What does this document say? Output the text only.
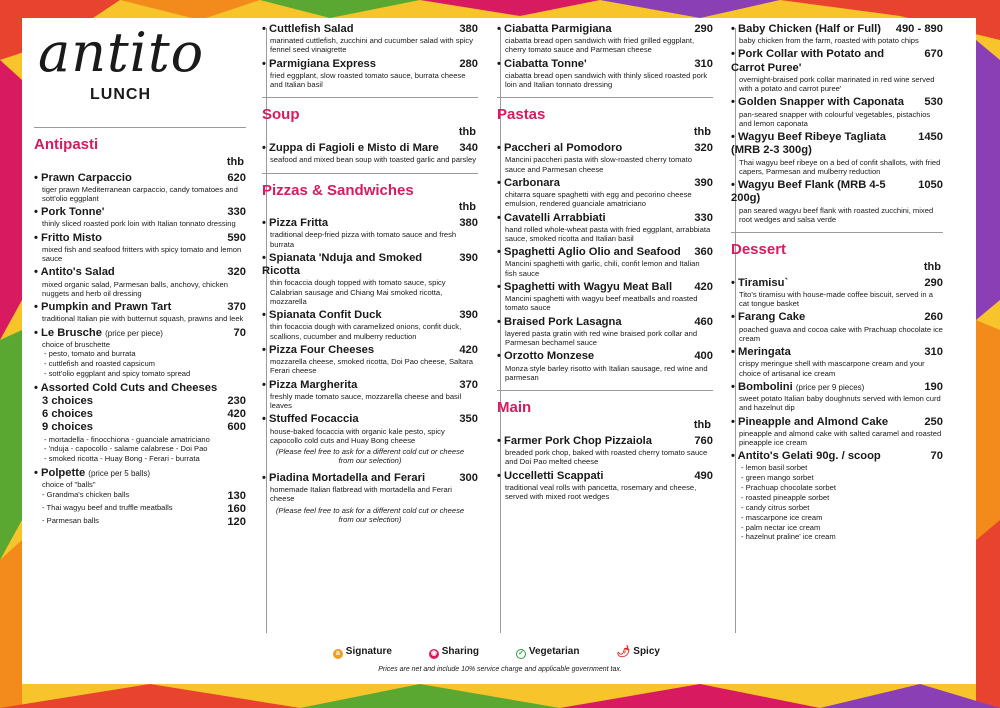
antito
LUNCH
Antipasti
thb
• Prawn Carpaccio	620
tiger prawn Mediterranean carpaccio, candy tomatoes and sott'olio eggplant
• Pork Tonne'	330
thinly sliced roasted pork loin with Italian tonnato dressing
• Fritto Misto	590
mixed fish and seafood fritters with spicy tomato and lemon sauce
• Antito's Salad	320
mixed organic salad, Parmesan balls, anchovy, chicken nuggets and herb oil dressing
• Pumpkin and Prawn Tart	370
traditional Italian pie with butternut squash, prawns and leek
• Le Brusche (price per piece)	70
choice of bruschette
- pesto, tomato and burrata
- cuttlefish and roasted capsicum
- sott'olio eggplant and spicy tomato spread
• Assorted Cold Cuts and Cheeses
3 choices	230
6 choices	420
9 choices	600
- mortadella - finocchiona - guanciale amatriciano
- 'nduja - capocollo - salame calabrese - Doi Pao
- smoked ricotta - Huay Bong - Ferari - burrata
• Polpette (price per 5 balls)
choice of "balls"
- Grandma's chicken balls	130
- Thai wagyu beef and truffle meatballs	160
- Parmesan balls	120
• Cuttlefish Salad	380
marinated cuttlefish, zucchini and cucumber salad with spicy fennel seed vinaigrette
• Parmigiana Express	280
fried eggplant, slow roasted tomato sauce, burrata cheese and Italian basil
Soup
thb
• Zuppa di Fagioli e Misto di Mare	340
seafood and mixed bean soup with toasted garlic and parsley
Pizzas & Sandwiches
thb
• Pizza Fritta	380
traditional deep-fried pizza with tomato sauce and fresh burrata
• Spianata 'Nduja and Smoked Ricotta
390
thin focaccia dough topped with tomato sauce, spicy Calabrian sausage and Chiang Mai smoked ricotta, mozzarella
• Spianata Confit Duck	390
thin focaccia dough with caramelized onions, confit duck, scallions, cucumber and mulberry reduction
• Pizza Four Cheeses	420
mozzarella cheese, smoked ricotta, Doi Pao cheese, Saltara Ferari cheese
• Pizza Margherita	370
freshly made tomato sauce, mozzarella cheese and basil leaves
• Stuffed Focaccia	350
house-baked focaccia with organic kale pesto, spicy capocollo cold cuts and Huay Bong cheese
(Please feel free to ask for a different cold cut or cheese from our selection)
• Piadina Mortadella and Ferari	300
homemade Italian flatbread with mortadella and Ferari cheese
(Please feel free to ask for a different cold cut or cheese from our selection)
• Ciabatta Parmigiana	290
ciabatta bread open sandwich with fried grilled eggplant, cherry tomato sauce and Parmesan cheese
• Ciabatta Tonne'	310
ciabatta bread open sandwich with thinly sliced roasted pork loin and Italian tonnato dressing
Pastas
thb
• Paccheri al Pomodoro	320
Mancini paccheri pasta with slow-roasted cherry tomato sauce and Parmesan cheese
• Carbonara	390
chitarra square spaghetti with egg and pecorino cheese emulsion, rendered guanciale amatriciano
• Cavatelli Arrabbiati	330
hand rolled whole-wheat pasta with fried eggplant, arrabbiata sauce, smoked ricotta and Italian basil
• Spaghetti Aglio Olio and Seafood	360
Mancini spaghetti with garlic, chili, confit lemon and Italian fish sauce
• Spaghetti with Wagyu Meat Ball	420
Mancini spaghetti with wagyu beef meatballs and roasted tomato sauce
• Braised Pork Lasagna	460
layered pasta gratin with red wine braised pork collar and Parmesan bechamel sauce
• Orzotto Monzese	400
Monza style barley risotto with Italian sausage, red wine and parmesan
Main
thb
• Farmer Pork Chop Pizzaiola	760
breaded pork chop, baked with roasted cherry tomato sauce and Doi Pao melted cheese
• Uccelletti Scappati	490
traditional veal rolls with pancetta, rosemary and cheese, served with mixed root wedges
• Baby Chicken (Half or Full)	490 - 890
baby chicken from the farm, roasted with potato chips
• Pork Collar with Potato and Carrot Puree'
670
overnight-braised pork collar marinated in red wine served with a potato and carrot puree'
• Golden Snapper with Caponata	530
pan-seared snapper with colourful vegetables, pistachios and lemon caponata
• Wagyu Beef Ribeye Tagliata (MRB 2-3 300g)
1450
Thai wagyu beef ribeye on a bed of confit shallots, with fried capers, Parmesan and mulberry reduction
• Wagyu Beef Flank (MRB 4-5 200g)
1050
pan seared wagyu beef flank with roasted zucchini, mixed root wedges and salsa verde
Dessert
thb
• Tiramisu`	290
Tito's tiramisu with house-made coffee biscuit, served in a cat tongue basket
• Farang Cake	260
poached guava and cocoa cake with Prachuap chocolate ice cream
• Meringata	310
crispy meringue shell with mascarpone cream and your choice of artisanal ice cream
• Bombolini (price per 9 pieces)	190
sweet potato Italian baby doughnuts served with lemon curd and hazelnut dip
• Pineapple and Almond Cake	250
pineapple and almond cake with salted caramel and roasted pineapple ice cream
• Antito's Gelati 90g. / scoop	70
- lemon basil sorbet
- green mango sorbet
- Prachuap chocolate sorbet
- roasted pineapple sorbet
- candy citrus sorbet
- mascarpone ice cream
- palm nectar ice cream
- hazelnut praline' ice cream
a Signature	◉ Sharing	✓ Vegetarian	🌶 Spicy
Prices are net and include 10% service charge and applicable government tax.
